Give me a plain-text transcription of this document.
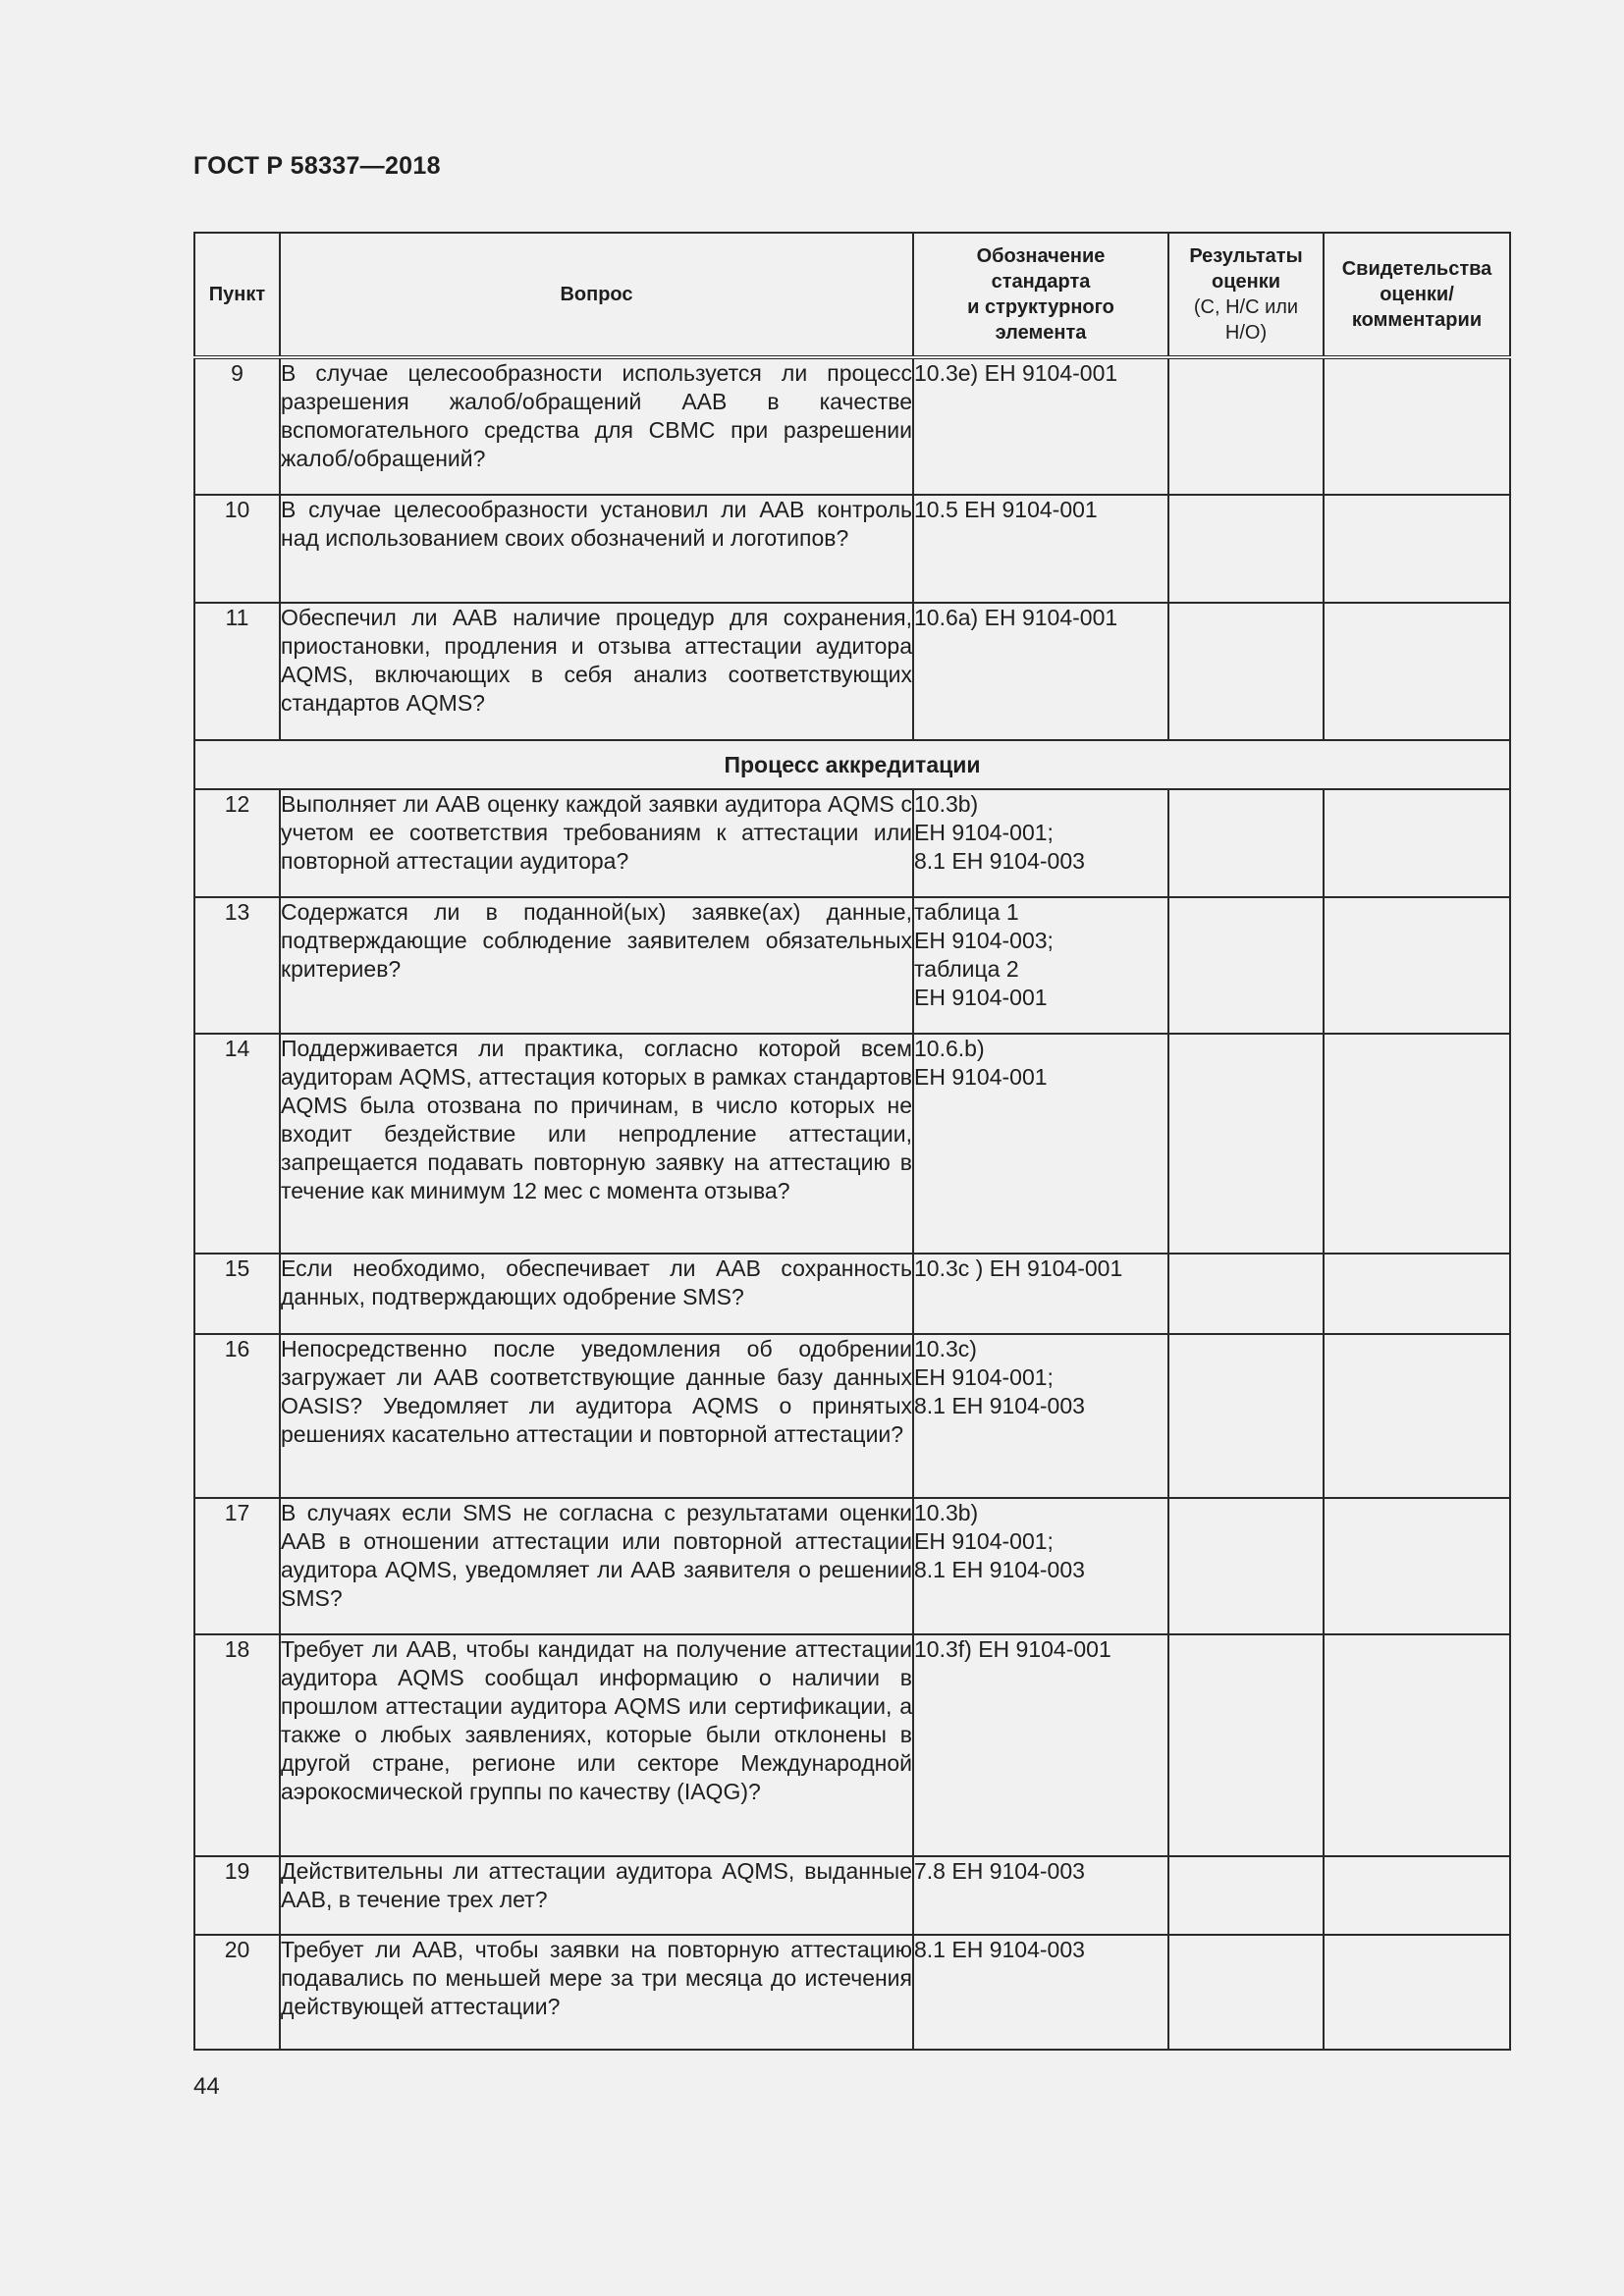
ГОСТ Р 58337—2018
Пункт	Вопрос	Обозначение
стандарта
и структурного
элемента	Результаты
оценки
(С, Н/С или
Н/О)	Свидетельства
оценки/
комментарии

9	В случае целесообразности используется ли процесс разрешения жалоб/обращений ААВ в качестве вспомогательного средства для СВМС при разрешении жалоб/обращений?	10.3е) ЕН 9104-001		

10	В случае целесообразности установил ли ААВ контроль над использованием своих обозначений и логотипов?	10.5 ЕН 9104-001		

11	Обеспечил ли ААВ наличие процедур для сохранения, приостановки, продления и отзыва аттестации аудитора AQMS, включающих в себя анализ соответствующих стандартов AQMS?	10.6а) ЕН 9104-001		

Процесс аккредитации				
12	Выполняет ли ААВ оценку каждой заявки аудитора AQMS с учетом ее соответствия требованиям к аттестации или повторной аттестации аудитора?	10.3b)
ЕН 9104-001;
8.1 ЕН 9104-003		

13	Содержатся ли в поданной(ых) заявке(ах) данные, подтверждающие соблюдение заявителем обязательных критериев?	таблица 1
ЕН 9104-003;
таблица 2
ЕН 9104-001		

14	Поддерживается ли практика, согласно которой всем аудиторам AQMS, аттестация которых в рамках стандартов AQMS была отозвана по причинам, в число которых не входит бездействие или непродление аттестации, запрещается подавать повторную заявку на аттестацию в течение как минимум 12 мес с момента отзыва?	10.6.b)
ЕН 9104-001		

15	Если необходимо, обеспечивает ли ААВ сохранность данных, подтверждающих одобрение SMS?	10.3с ) ЕН 9104-001		

16	Непосредственно после уведомления об одобрении загружает ли ААВ соответствующие данные базу данных OASIS? Уведомляет ли аудитора AQMS о принятых решениях касательно аттестации и повторной аттестации?	10.3с)
ЕН 9104-001;
8.1 ЕН 9104-003		

17	В случаях если SMS не согласна с результатами оценки ААВ в отношении аттестации или повторной аттестации аудитора AQMS, уведомляет ли ААВ заявителя о решении SMS?	10.3b)
ЕН 9104-001;
8.1 ЕН 9104-003		

18	Требует ли ААВ, чтобы кандидат на получение аттестации аудитора AQMS сообщал информацию о наличии в прошлом аттестации аудитора AQMS или сертификации, а также о любых заявлениях, которые были отклонены в другой стране, регионе или секторе Международной аэрокосмической группы по качеству (IAQG)?	10.3f) ЕН 9104-001		

19	Действительны ли аттестации аудитора AQMS, выданные ААВ, в течение трех лет?	7.8 ЕН 9104-003		

20	Требует ли ААВ, чтобы заявки на повторную аттестацию подавались по меньшей мере за три месяца до истечения действующей аттестации?	8.1 ЕН 9104-003		

44
